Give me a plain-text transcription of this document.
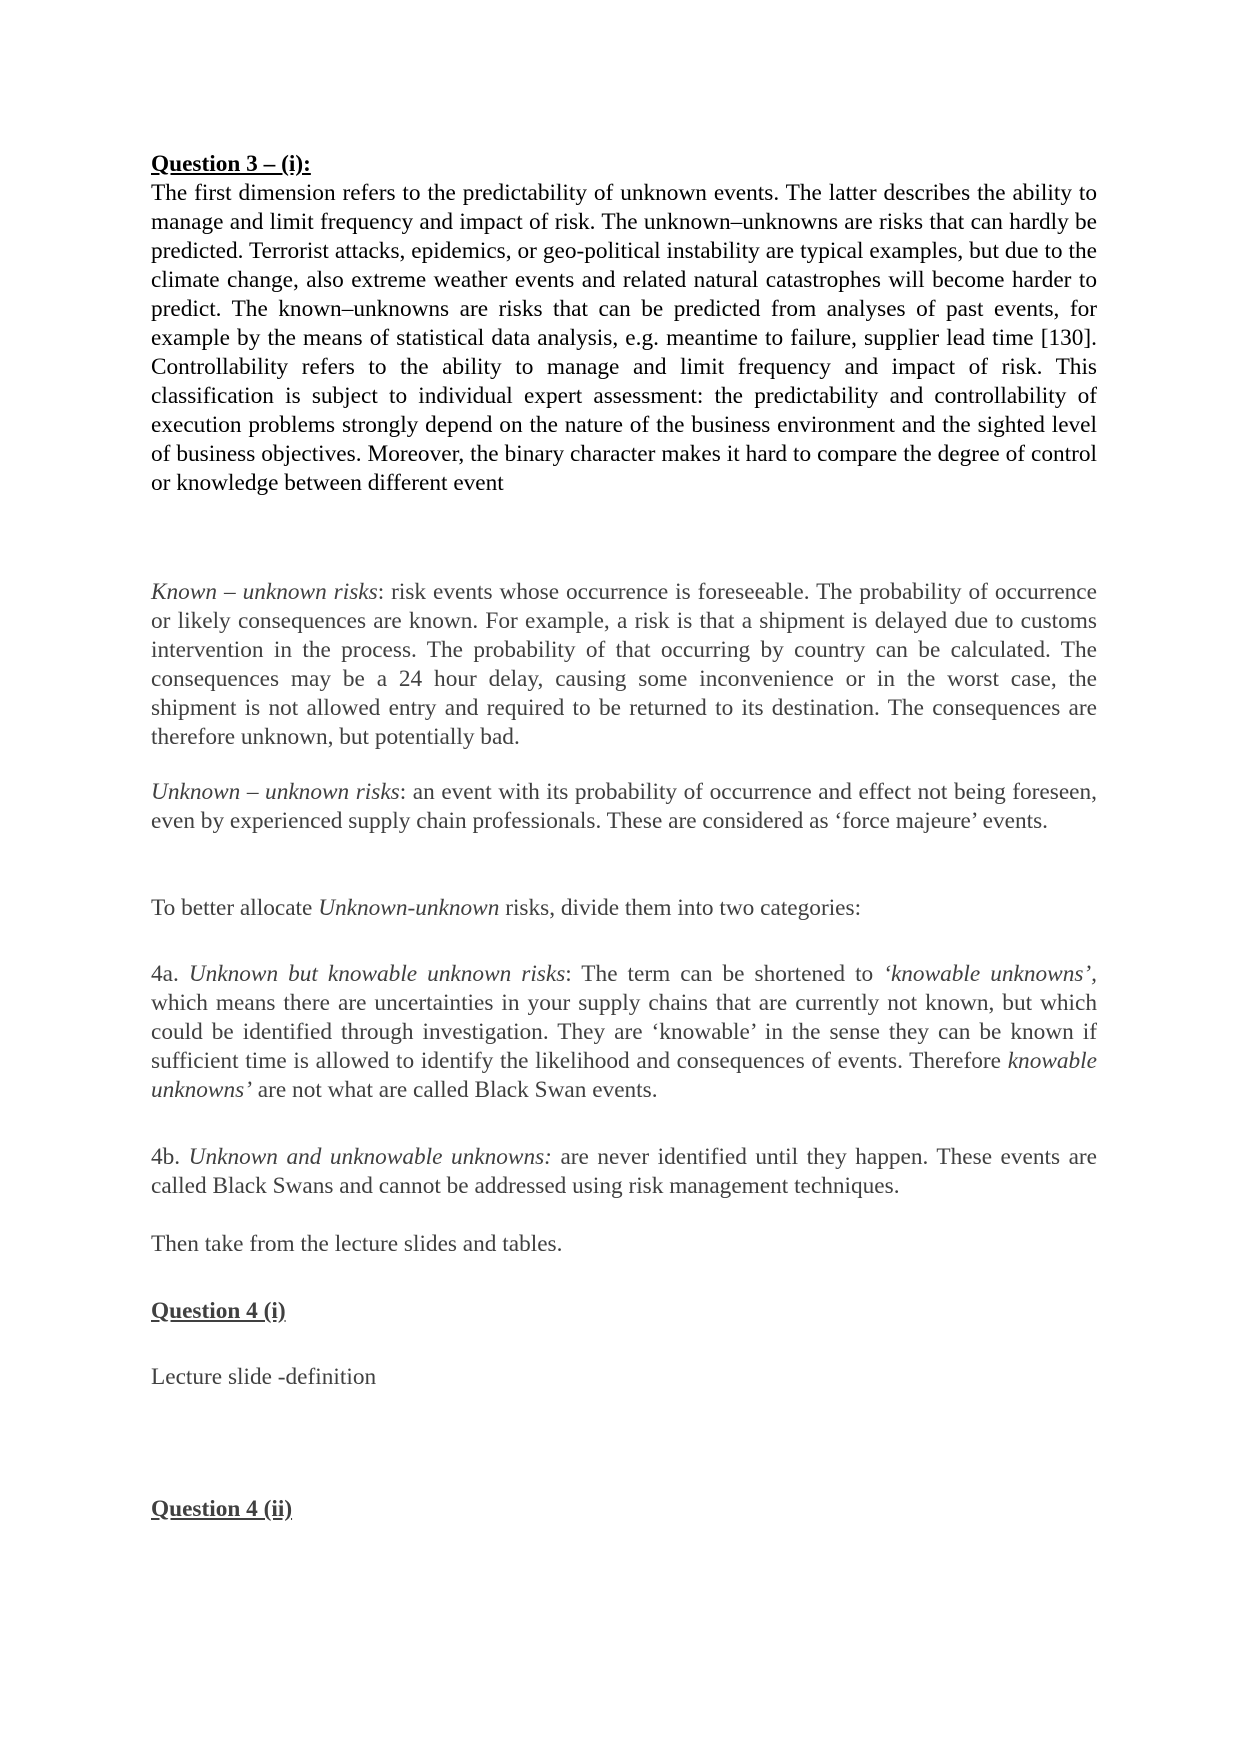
Question 3 – (i):

The first dimension refers to the predictability of unknown events. The latter describes the ability to manage and limit frequency and impact of risk. The unknown–unknowns are risks that can hardly be predicted. Terrorist attacks, epidemics, or geo-political instability are typical examples, but due to the climate change, also extreme weather events and related natural catastrophes will become harder to predict. The known–unknowns are risks that can be predicted from analyses of past events, for example by the means of statistical data analysis, e.g. meantime to failure, supplier lead time [130]. Controllability refers to the ability to manage and limit frequency and impact of risk. This classification is subject to individual expert assessment: the predictability and controllability of execution problems strongly depend on the nature of the business environment and the sighted level of business objectives. Moreover, the binary character makes it hard to compare the degree of control or knowledge between different event

Known – unknown risks: risk events whose occurrence is foreseeable. The probability of occurrence or likely consequences are known. For example, a risk is that a shipment is delayed due to customs intervention in the process. The probability of that occurring by country can be calculated. The consequences may be a 24 hour delay, causing some inconvenience or in the worst case, the shipment is not allowed entry and required to be returned to its destination. The consequences are therefore unknown, but potentially bad.

Unknown – unknown risks: an event with its probability of occurrence and effect not being foreseen, even by experienced supply chain professionals. These are considered as ‘force majeure’ events.

To better allocate Unknown-unknown risks, divide them into two categories:

4a. Unknown but knowable unknown risks: The term can be shortened to ‘knowable unknowns’, which means there are uncertainties in your supply chains that are currently not known, but which could be identified through investigation. They are ‘knowable’ in the sense they can be known if sufficient time is allowed to identify the likelihood and consequences of events. Therefore knowable unknowns’ are not what are called Black Swan events.

4b. Unknown and unknowable unknowns: are never identified until they happen. These events are called Black Swans and cannot be addressed using risk management techniques.

Then take from the lecture slides and tables.

Question 4 (i)

Lecture slide -definition

Question 4 (ii)
